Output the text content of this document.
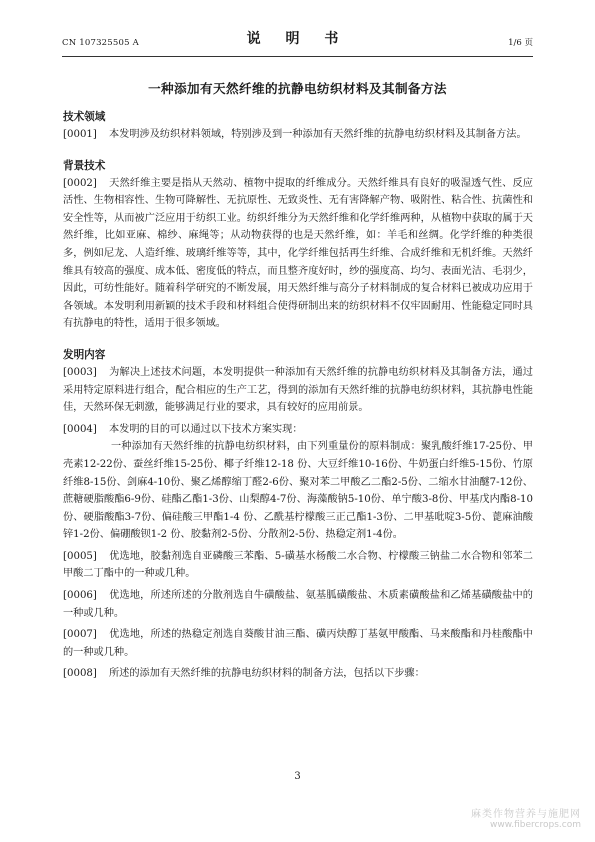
CN 107325505 A	说 明 书	1/6 页
一种添加有天然纤维的抗静电纺织材料及其制备方法

技术领域

[0001] 本发明涉及纺织材料领域，特别涉及到一种添加有天然纤维的抗静电纺织材料及其制备方法。

背景技术

[0002] 天然纤维主要是指从天然动、植物中提取的纤维成分。天然纤维具有良好的吸湿透气性、反应活性、生物相容性、生物可降解性、无抗原性、无致炎性、无有害降解产物、吸附性、粘合性、抗菌性和安全性等，从而被广泛应用于纺织工业。纺织纤维分为天然纤维和化学纤维两种，从植物中获取的属于天然纤维，比如亚麻、棉纱、麻绳等；从动物获得的也是天然纤维，如：羊毛和丝绸。化学纤维的种类很多，例如尼龙、人造纤维、玻璃纤维等等，其中，化学纤维包括再生纤维、合成纤维和无机纤维。天然纤维具有较高的强度、成本低、密度低的特点，而且整齐度好时，纱的强度高、均匀、表面光洁、毛羽少，因此，可纺性能好。随着科学研究的不断发展，用天然纤维与高分子材料制成的复合材料已被成功应用于各领域。本发明利用新颖的技术手段和材料组合使得研制出来的纺织材料不仅牢固耐用、性能稳定同时具有抗静电的特性，适用于很多领域。

发明内容

[0003] 为解决上述技术问题，本发明提供一种添加有天然纤维的抗静电纺织材料及其制备方法，通过采用特定原料进行组合，配合相应的生产工艺，得到的添加有天然纤维的抗静电纺织材料，其抗静电性能佳，天然环保无刺激，能够满足行业的要求，具有较好的应用前景。

[0004] 本发明的目的可以通过以下技术方案实现：

一种添加有天然纤维的抗静电纺织材料，由下列重量份的原料制成：聚乳酸纤维17-25份、甲壳素12-22份、蚕丝纤维15-25份、椰子纤维12-18 份、大豆纤维10-16份、牛奶蛋白纤维5-15份、竹原纤维8-15份、剑麻4-10份、聚乙烯醇缩丁醛2-6份、聚对苯二甲酸乙二酯2-5份、二缩水甘油醚7-12份、蔗糖硬脂酸酯6-9份、硅酯乙酯1-3份、山梨醇4-7份、海藻酸钠5-10份、单宁酸3-8份、甲基戊内酯8-10份、硬脂酸酯3-7份、偏硅酸三甲酯1-4 份、乙酰基柠檬酸三正己酯1-3份、二甲基吡啶3-5份、蓖麻油酸锌1-2份、偏硼酸钡1-2 份、胶黏剂2-5份、分散剂2-5份、热稳定剂1-4份。

[0005] 优选地，胶黏剂选自亚磷酸三苯酯、5-磺基水杨酸二水合物、柠檬酸三钠盐二水合物和邻苯二甲酸二丁酯中的一种或几种。

[0006] 优选地，所述所述的分散剂选自牛磺酸盐、氨基胍磺酸盐、木质素磺酸盐和乙烯基磺酸盐中的一种或几种。

[0007] 优选地，所述的热稳定剂选自葵酸甘油三酯、磺丙炔醇丁基氨甲酸酯、马来酸酯和丹桂酸酯中的一种或几种。

[0008] 所述的添加有天然纤维的抗静电纺织材料的制备方法，包括以下步骤：

3
麻类作物营养与施肥网
www.fibercrops.com
